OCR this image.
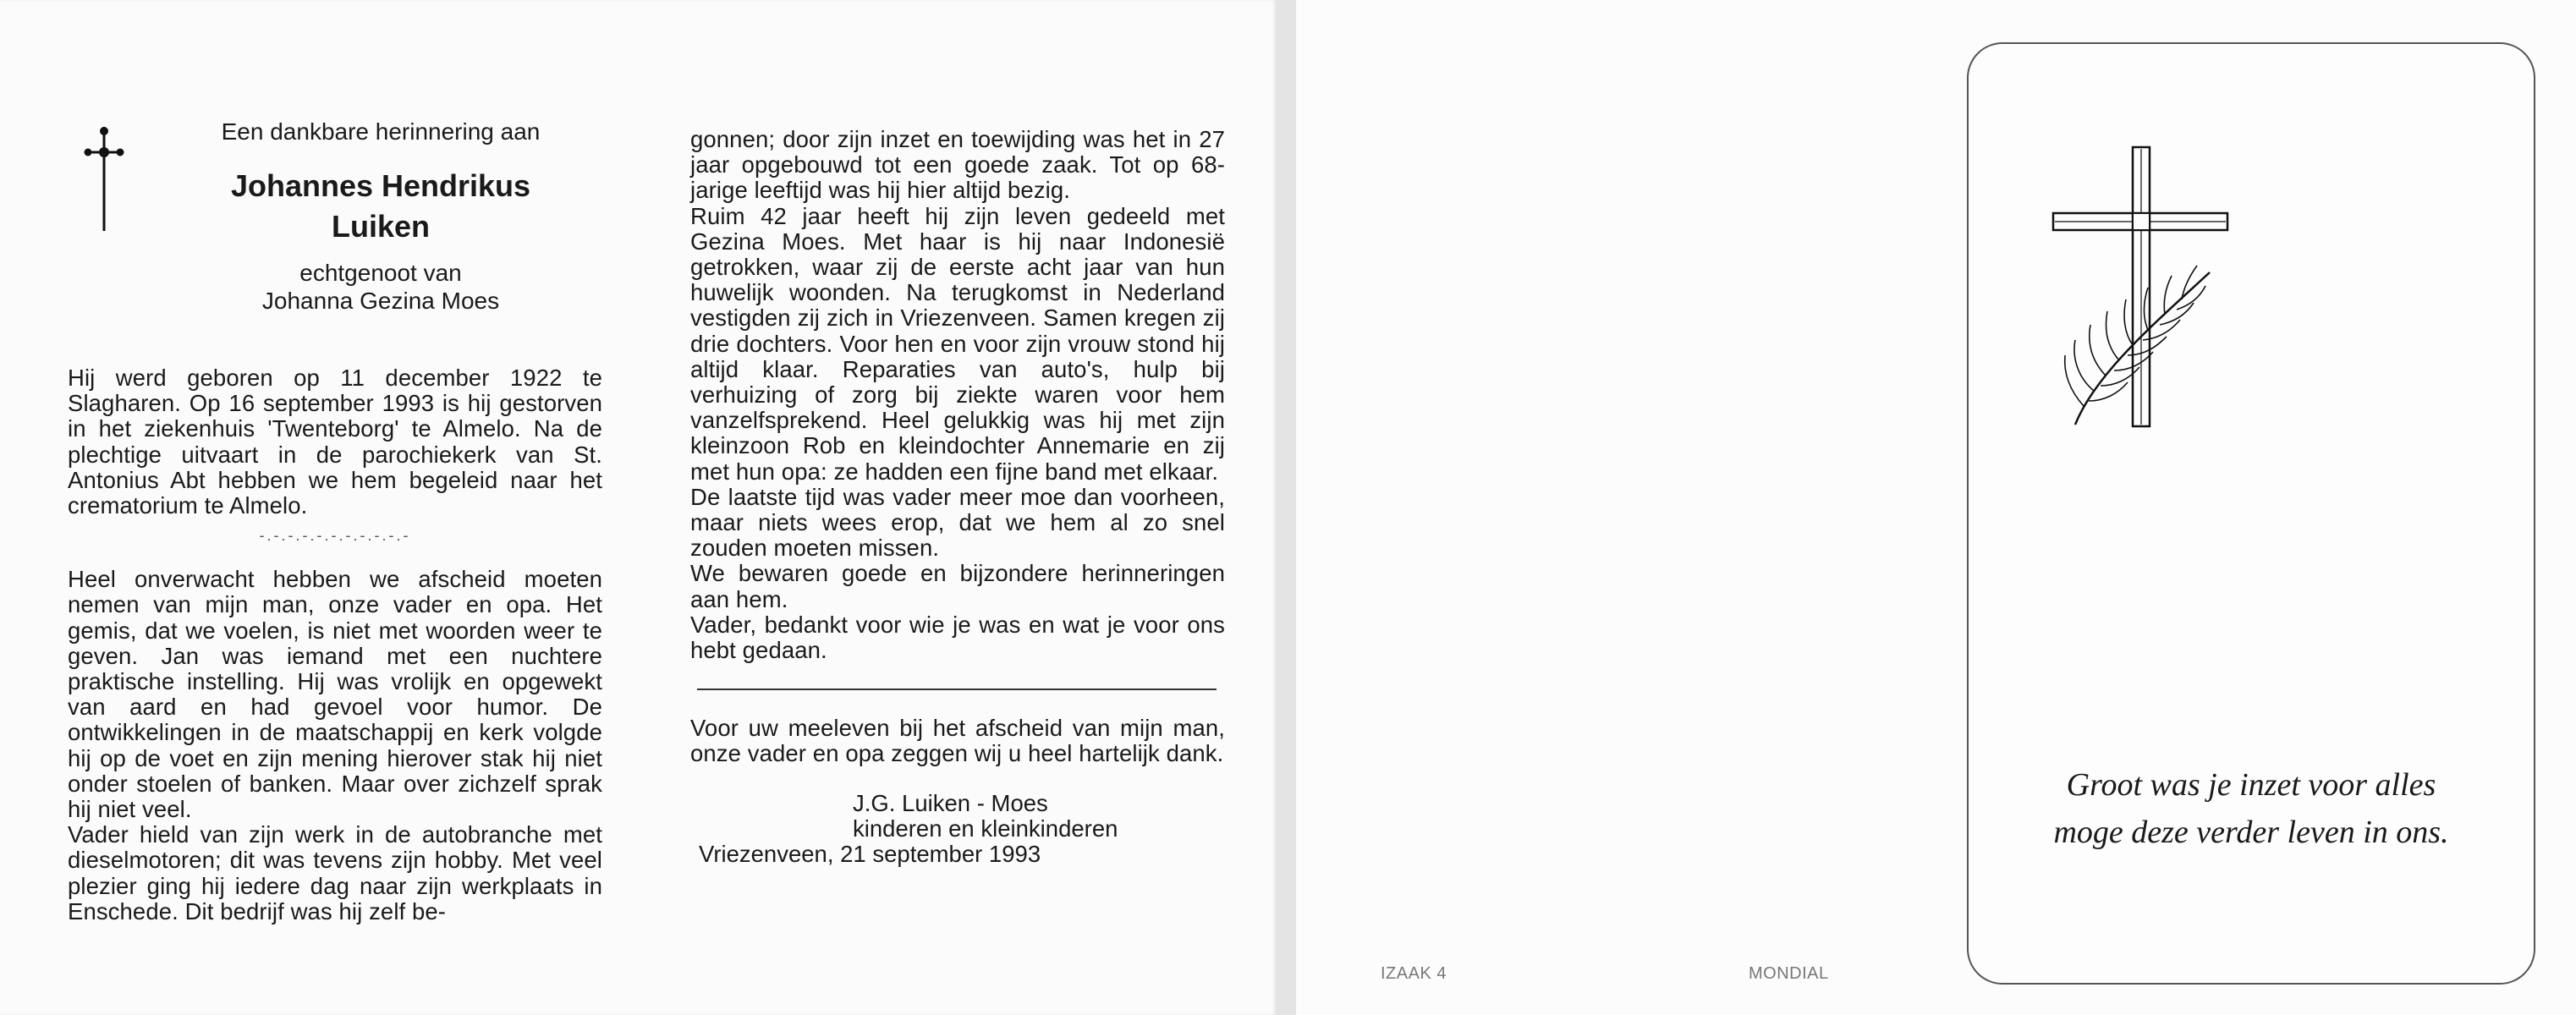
Een dankbare herinnering aan

Johannes Hendrikus

Luiken

echtgenoot van

Johanna Gezina Moes

Hij werd geboren op 11 december 1922 te Slagharen. Op 16 september 1993 is hij gestorven in het ziekenhuis 'Twenteborg' te Almelo. Na de plechtige uitvaart in de parochiekerk van St. Antonius Abt hebben we hem begeleid naar het crematorium te Almelo.

-.-.-.-.-.-.-.-.-.-.-

Heel onverwacht hebben we afscheid moeten nemen van mijn man, onze vader en opa. Het gemis, dat we voelen, is niet met woorden weer te geven. Jan was iemand met een nuchtere praktische instelling. Hij was vrolijk en opgewekt van aard en had gevoel voor humor. De ontwikkelingen in de maatschappij en kerk volgde hij op de voet en zijn mening hierover stak hij niet onder stoelen of banken. Maar over zichzelf sprak hij niet veel.

Vader hield van zijn werk in de autobranche met dieselmotoren; dit was tevens zijn hobby. Met veel plezier ging hij iedere dag naar zijn werkplaats in Enschede. Dit bedrijf was hij zelf be-

gonnen; door zijn inzet en toewijding was het in 27 jaar opgebouwd tot een goede zaak. Tot op 68-jarige leeftijd was hij hier altijd bezig.

Ruim 42 jaar heeft hij zijn leven gedeeld met Gezina Moes. Met haar is hij naar Indonesië getrokken, waar zij de eerste acht jaar van hun huwelijk woonden. Na terugkomst in Nederland vestigden zij zich in Vriezenveen. Samen kregen zij drie dochters. Voor hen en voor zijn vrouw stond hij altijd klaar. Reparaties van auto's, hulp bij verhuizing of zorg bij ziekte waren voor hem vanzelfsprekend. Heel gelukkig was hij met zijn kleinzoon Rob en kleindochter Annemarie en zij met hun opa: ze hadden een fijne band met elkaar.

De laatste tijd was vader meer moe dan voorheen, maar niets wees erop, dat we hem al zo snel zouden moeten missen.

We bewaren goede en bijzondere herinneringen aan hem.

Vader, bedankt voor wie je was en wat je voor ons hebt gedaan.

Voor uw meeleven bij het afscheid van mijn man, onze vader en opa zeggen wij u heel hartelijk dank.

J.G. Luiken - Moes

kinderen en kleinkinderen

Vriezenveen, 21 september 1993

IZAAK 4	MONDIAL
Groot was je inzet voor alles
moge deze verder leven in ons.
